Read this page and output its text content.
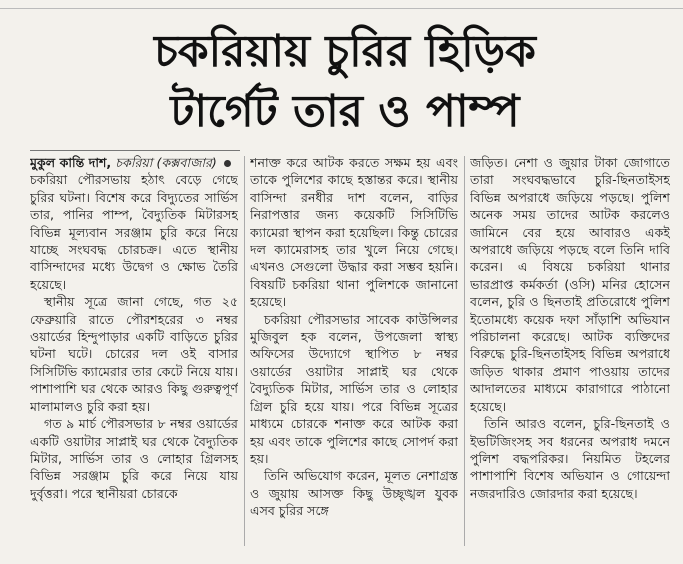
চকরিয়ায় চুরির হিড়িক
টার্গেট তার ও পাম্প

মুকুল কান্তি দাশ, চকরিয়া (কক্সবাজার)

চকরিয়া পৌরসভায় হঠাৎ বেড়ে গেছে চুরির ঘটনা। বিশেষ করে বিদ্যুতের সার্ভিস তার, পানির পাম্প, বৈদ্যুতিক মিটারসহ বিভিন্ন মূল্যবান সরঞ্জাম চুরি করে নিয়ে যাচ্ছে সংঘবদ্ধ চোরচক্র। এতে স্থানীয় বাসিন্দাদের মধ্যে উদ্বেগ ও ক্ষোভ তৈরি হয়েছে।

স্থানীয় সূত্রে জানা গেছে, গত ২৫ ফেব্রুয়ারি রাতে পৌরশহরের ৩ নম্বর ওয়ার্ডের হিন্দুপাড়ার একটি বাড়িতে চুরির ঘটনা ঘটে। চোরের দল ওই বাসার সিসিটিভি ক্যামেরার তার কেটে নিয়ে যায়। পাশাপাশি ঘর থেকে আরও কিছু গুরুত্বপূর্ণ মালামালও চুরি করা হয়।

গত ৯ মার্চ পৌরসভার ৮ নম্বর ওয়ার্ডের একটি ওয়াটার সাপ্লাই ঘর থেকে বৈদ্যুতিক মিটার, সার্ভিস তার ও লোহার গ্রিলসহ বিভিন্ন সরঞ্জাম চুরি করে নিয়ে যায় দুর্বৃত্তরা। পরে স্থানীয়রা চোরকে

শনাক্ত করে আটক করতে সক্ষম হয় এবং তাকে পুলিশের কাছে হস্তান্তর করে। স্থানীয় বাসিন্দা রনধীর দাশ বলেন, বাড়ির নিরাপত্তার জন্য কয়েকটি সিসিটিভি ক্যামেরা স্থাপন করা হয়েছিল। কিন্তু চোরের দল ক্যামেরাসহ তার খুলে নিয়ে গেছে। এখনও সেগুলো উদ্ধার করা সম্ভব হয়নি। বিষয়টি চকরিয়া থানা পুলিশকে জানানো হয়েছে।

চকরিয়া পৌরসভার সাবেক কাউন্সিলর মুজিবুল হক বলেন, উপজেলা স্বাস্থ্য অফিসের উদ্যোগে স্থাপিত ৮ নম্বর ওয়ার্ডের ওয়াটার সাপ্লাই ঘর থেকে বৈদ্যুতিক মিটার, সার্ভিস তার ও লোহার গ্রিল চুরি হয়ে যায়। পরে বিভিন্ন সূত্রের মাধ্যমে চোরকে শনাক্ত করে আটক করা হয় এবং তাকে পুলিশের কাছে সোপর্দ করা হয়।

তিনি অভিযোগ করেন, মূলত নেশাগ্রস্ত ও জুয়ায় আসক্ত কিছু উচ্ছৃঙ্খল যুবক এসব চুরির সঙ্গে

জড়িত। নেশা ও জুয়ার টাকা জোগাতে তারা সংঘবদ্ধভাবে চুরি-ছিনতাইসহ বিভিন্ন অপরাধে জড়িয়ে পড়ছে। পুলিশ অনেক সময় তাদের আটক করলেও জামিনে বের হয়ে আবারও একই অপরাধে জড়িয়ে পড়ছে বলে তিনি দাবি করেন। এ বিষয়ে চকরিয়া থানার ভারপ্রাপ্ত কর্মকর্তা (ওসি) মনির হোসেন বলেন, চুরি ও ছিনতাই প্রতিরোধে পুলিশ ইতোমধ্যে কয়েক দফা সাঁড়াশি অভিযান পরিচালনা করেছে। আটক ব্যক্তিদের বিরুদ্ধে চুরি-ছিনতাইসহ বিভিন্ন অপরাধে জড়িত থাকার প্রমাণ পাওয়ায় তাদের আদালতের মাধ্যমে কারাগারে পাঠানো হয়েছে।

তিনি আরও বলেন, চুরি-ছিনতাই ও ইভটিজিংসহ সব ধরনের অপরাধ দমনে পুলিশ বদ্ধপরিকর। নিয়মিত টহলের পাশাপাশি বিশেষ অভিযান ও গোয়েন্দা নজরদারিও জোরদার করা হয়েছে।
